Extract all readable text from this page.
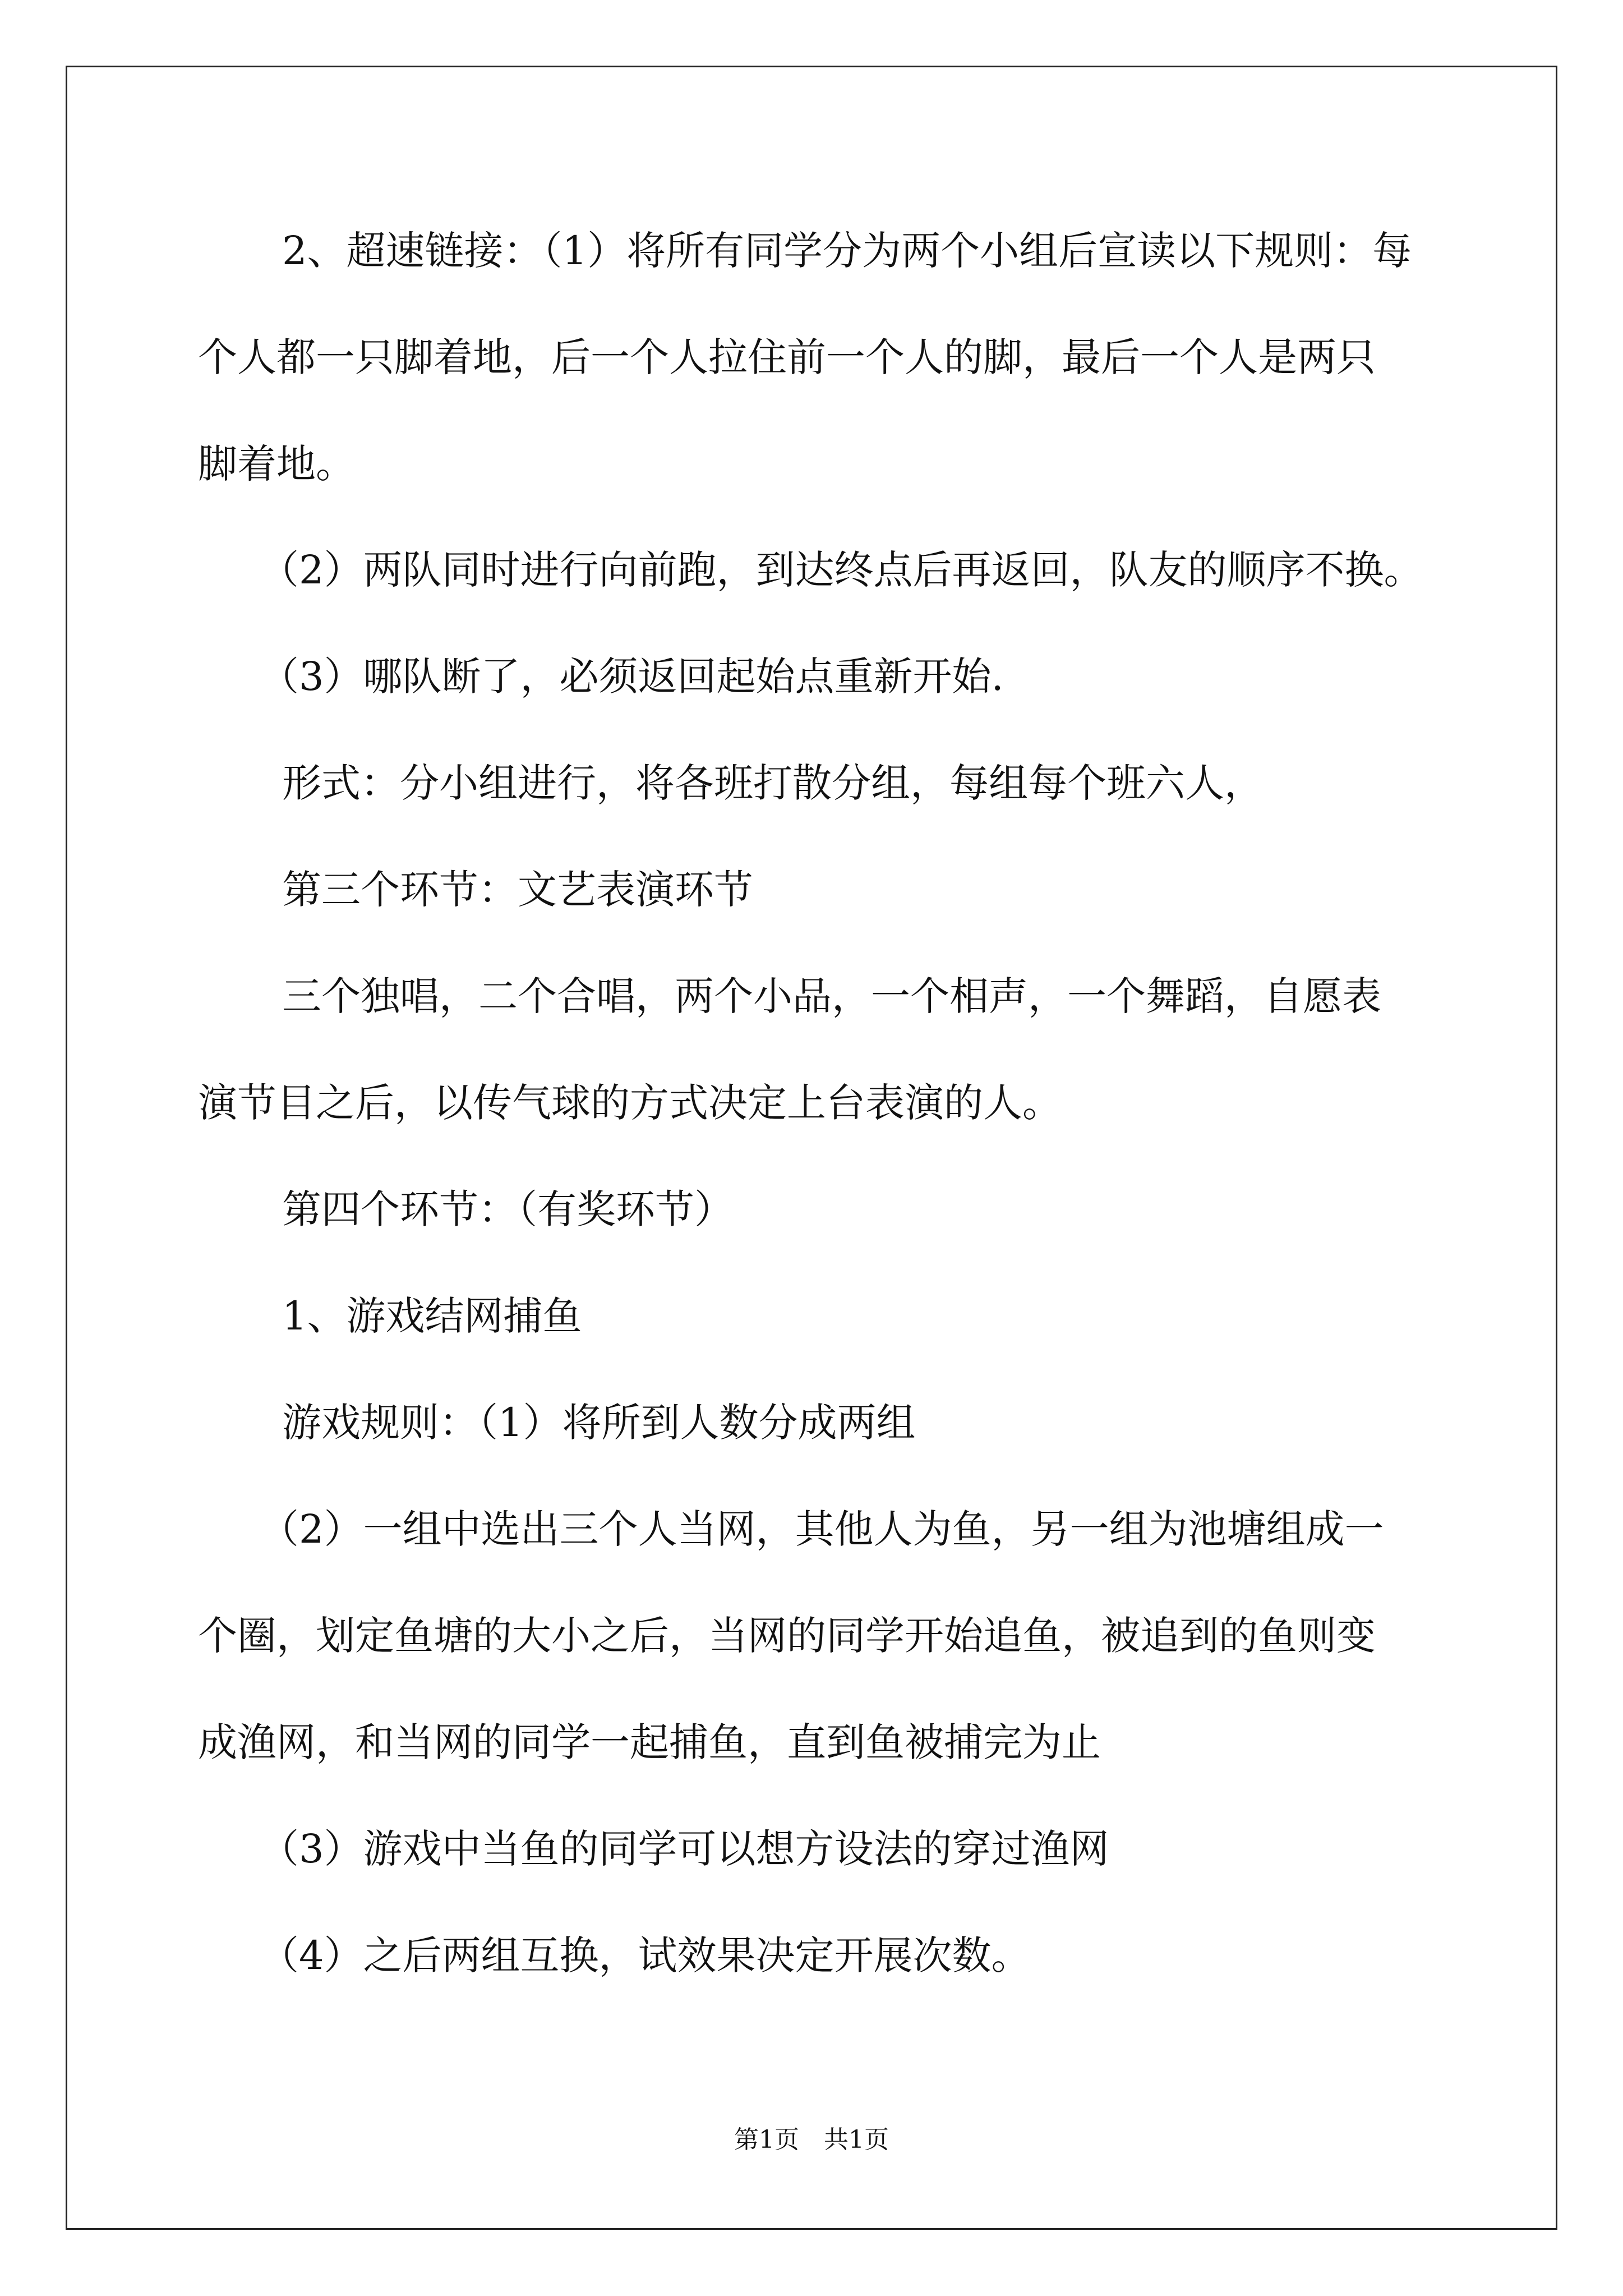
2、超速链接：（1）将所有同学分为两个小组后宣读以下规则：每
个人都一只脚着地，后一个人拉住前一个人的脚，最后一个人是两只
脚着地。
（2）两队同时进行向前跑，到达终点后再返回，队友的顺序不换。
（3）哪队断了，必须返回起始点重新开始.
形式：分小组进行，将各班打散分组，每组每个班六人，
第三个环节：文艺表演环节
三个独唱，二个合唱，两个小品，一个相声，一个舞蹈，自愿表
演节目之后，以传气球的方式决定上台表演的人。
第四个环节：（有奖环节）
1、游戏结网捕鱼
游戏规则：（1）将所到人数分成两组
（2）一组中选出三个人当网，其他人为鱼，另一组为池塘组成一
个圈，划定鱼塘的大小之后，当网的同学开始追鱼，被追到的鱼则变
成渔网，和当网的同学一起捕鱼，直到鱼被捕完为止
（3）游戏中当鱼的同学可以想方设法的穿过渔网
（4）之后两组互换，试效果决定开展次数。
第1页　共1页
